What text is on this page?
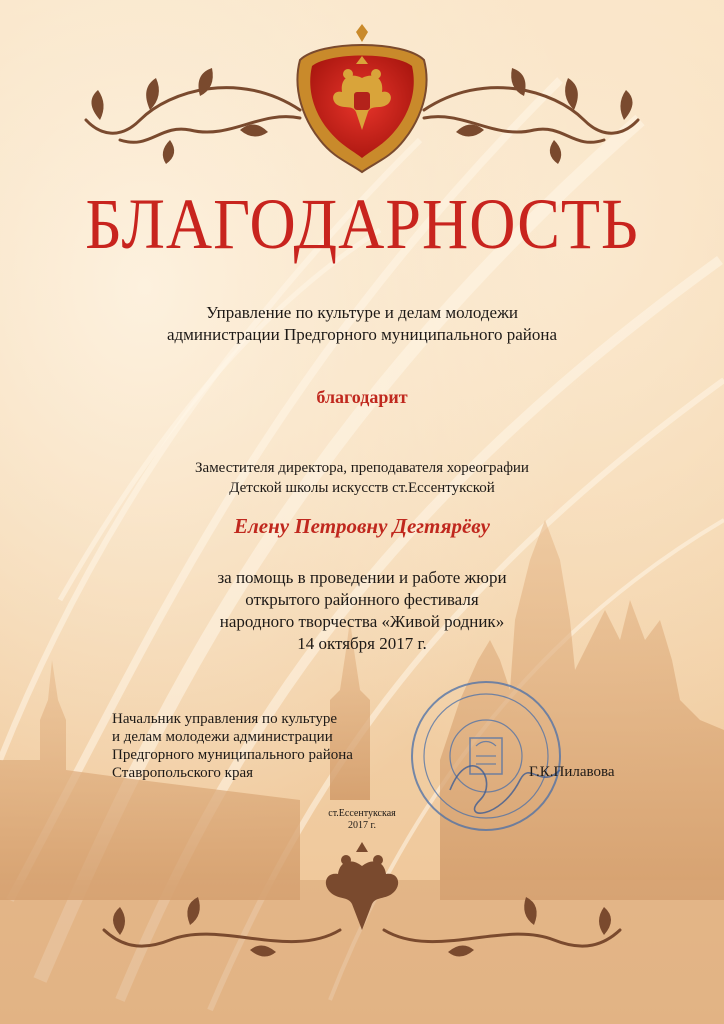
БЛАГОДАРНОСТЬ
Управление по культуре и делам молодежи
администрации Предгорного муниципального района
благодарит
Заместителя директора, преподавателя хореографии
Детской школы искусств ст.Ессентукской
Елену Петровну Дегтярёву
за помощь в проведении и работе жюри
открытого районного фестиваля
народного творчества «Живой родник»
14 октября 2017 г.
Начальник управления по культуре
и делам молодежи администрации
Предгорного муниципального района
Ставропольского края	Г.К.Пилавова
ст.Ессентукская
2017 г.
